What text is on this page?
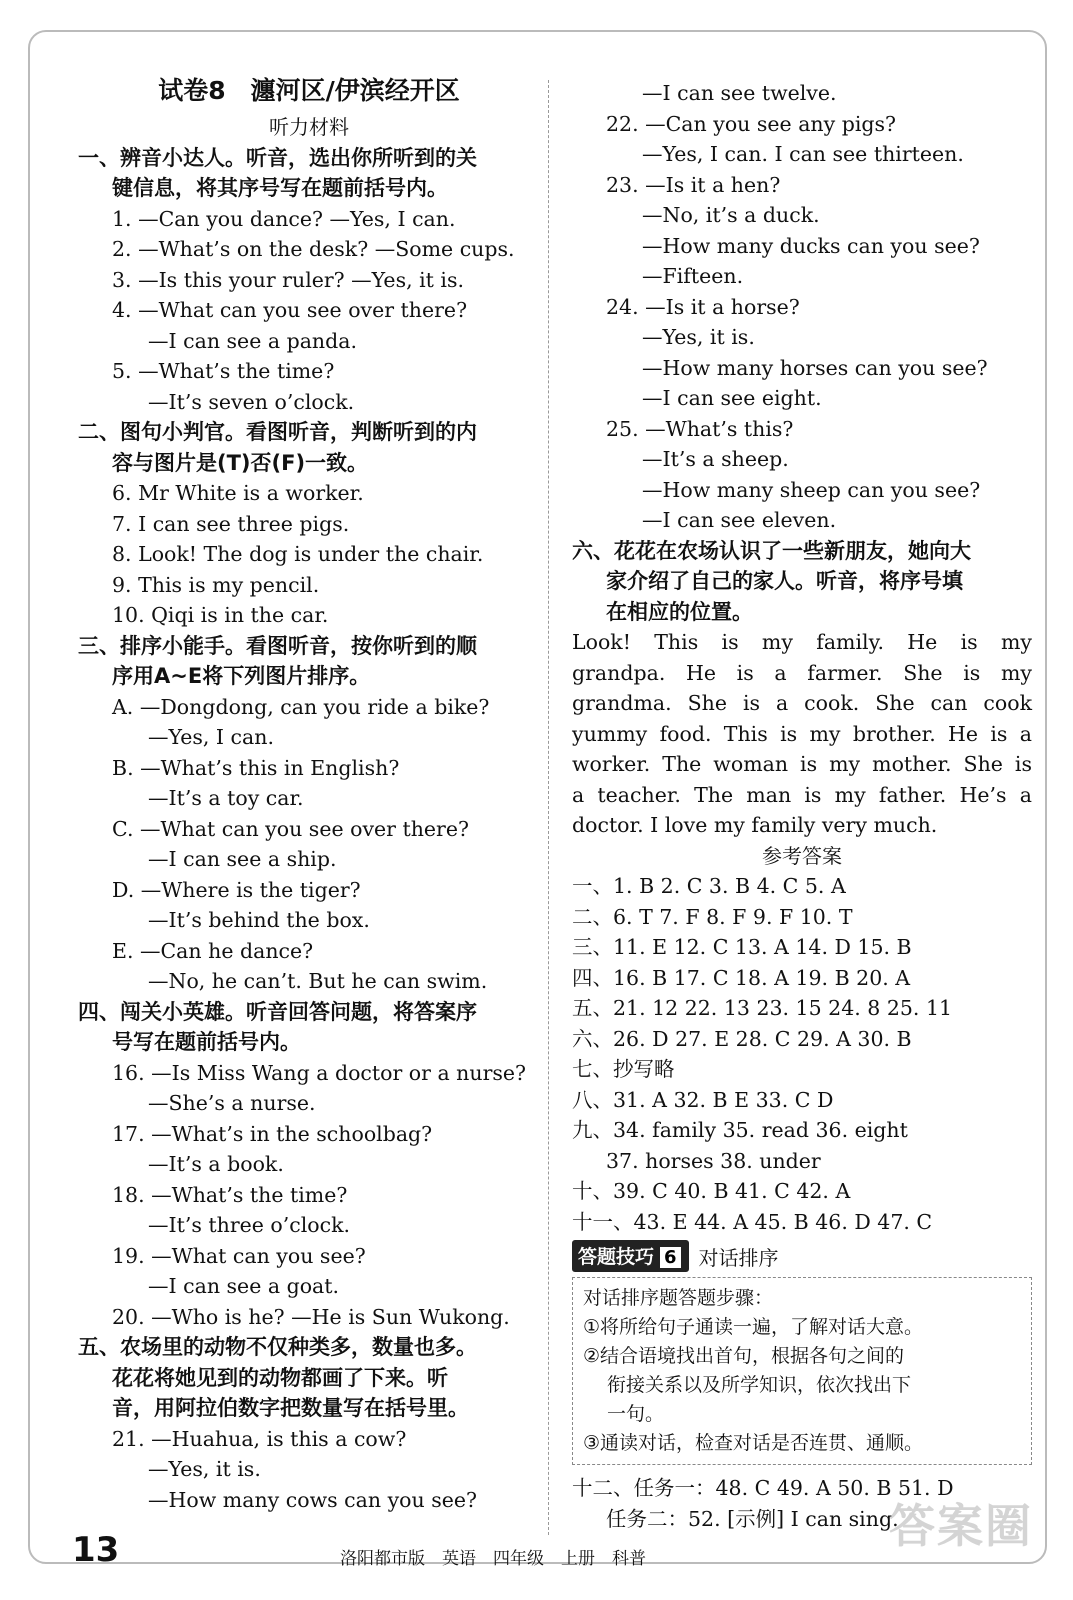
试卷8　瀍河区/伊滨经开区
听力材料
一、辨音小达人。听音，选出你所听到的关
键信息，将其序号写在题前括号内。
1. —Can you dance? —Yes, I can.
2. —What’s on the desk? —Some cups.
3. —Is this your ruler? —Yes, it is.
4. —What can you see over there?
—I can see a panda.
5. —What’s the time?
—It’s seven o’clock.
二、图句小判官。看图听音，判断听到的内
容与图片是(T)否(F)一致。
6. Mr White is a worker.
7. I can see three pigs.
8. Look! The dog is under the chair.
9. This is my pencil.
10. Qiqi is in the car.
三、排序小能手。看图听音，按你听到的顺
序用A~E将下列图片排序。
A. —Dongdong, can you ride a bike?
—Yes, I can.
B. —What’s this in English?
—It’s a toy car.
C. —What can you see over there?
—I can see a ship.
D. —Where is the tiger?
—It’s behind the box.
E. —Can he dance?
—No, he can’t. But he can swim.
四、闯关小英雄。听音回答问题，将答案序
号写在题前括号内。
16. —Is Miss Wang a doctor or a nurse?
—She’s a nurse.
17. —What’s in the schoolbag?
—It’s a book.
18. —What’s the time?
—It’s three o’clock.
19. —What can you see?
—I can see a goat.
20. —Who is he? —He is Sun Wukong.
五、农场里的动物不仅种类多，数量也多。
花花将她见到的动物都画了下来。听
音，用阿拉伯数字把数量写在括号里。
21. —Huahua, is this a cow?
—Yes, it is.
—How many cows can you see?
—I can see twelve.
22. —Can you see any pigs?
—Yes, I can. I can see thirteen.
23. —Is it a hen?
—No, it’s a duck.
—How many ducks can you see?
—Fifteen.
24. —Is it a horse?
—Yes, it is.
—How many horses can you see?
—I can see eight.
25. —What’s this?
—It’s a sheep.
—How many sheep can you see?
—I can see eleven.
六、花花在农场认识了一些新朋友，她向大
家介绍了自己的家人。听音，将序号填
在相应的位置。
Look! This is my family. He is my
grandpa. He is a farmer. She is my
grandma. She is a cook. She can cook
yummy food. This is my brother. He is a
worker. The woman is my mother. She is
a teacher. The man is my father. He’s a
doctor. I love my family very much.
参考答案
一、1. B 2. C 3. B 4. C 5. A
二、6. T 7. F 8. F 9. F 10. T
三、11. E 12. C 13. A 14. D 15. B
四、16. B 17. C 18. A 19. B 20. A
五、21. 12 22. 13 23. 15 24. 8 25. 11
六、26. D 27. E 28. C 29. A 30. B
七、抄写略
八、31. A 32. B E 33. C D
九、34. family 35. read 36. eight
37. horses 38. under
十、39. C 40. B 41. C 42. A
十一、43. E 44. A 45. B 46. D 47. C
答题技巧 6	对话排序
对话排序题答题步骤：
①将所给句子通读一遍，了解对话大意。
②结合语境找出首句，根据各句之间的
衔接关系以及所学知识，依次找出下
一句。
③通读对话，检查对话是否连贯、通顺。
十二、任务一：48. C 49. A 50. B 51. D
任务二：52. [示例] I can sing.
13	洛阳都市版　英语　四年级　上册　科普
答案圈
